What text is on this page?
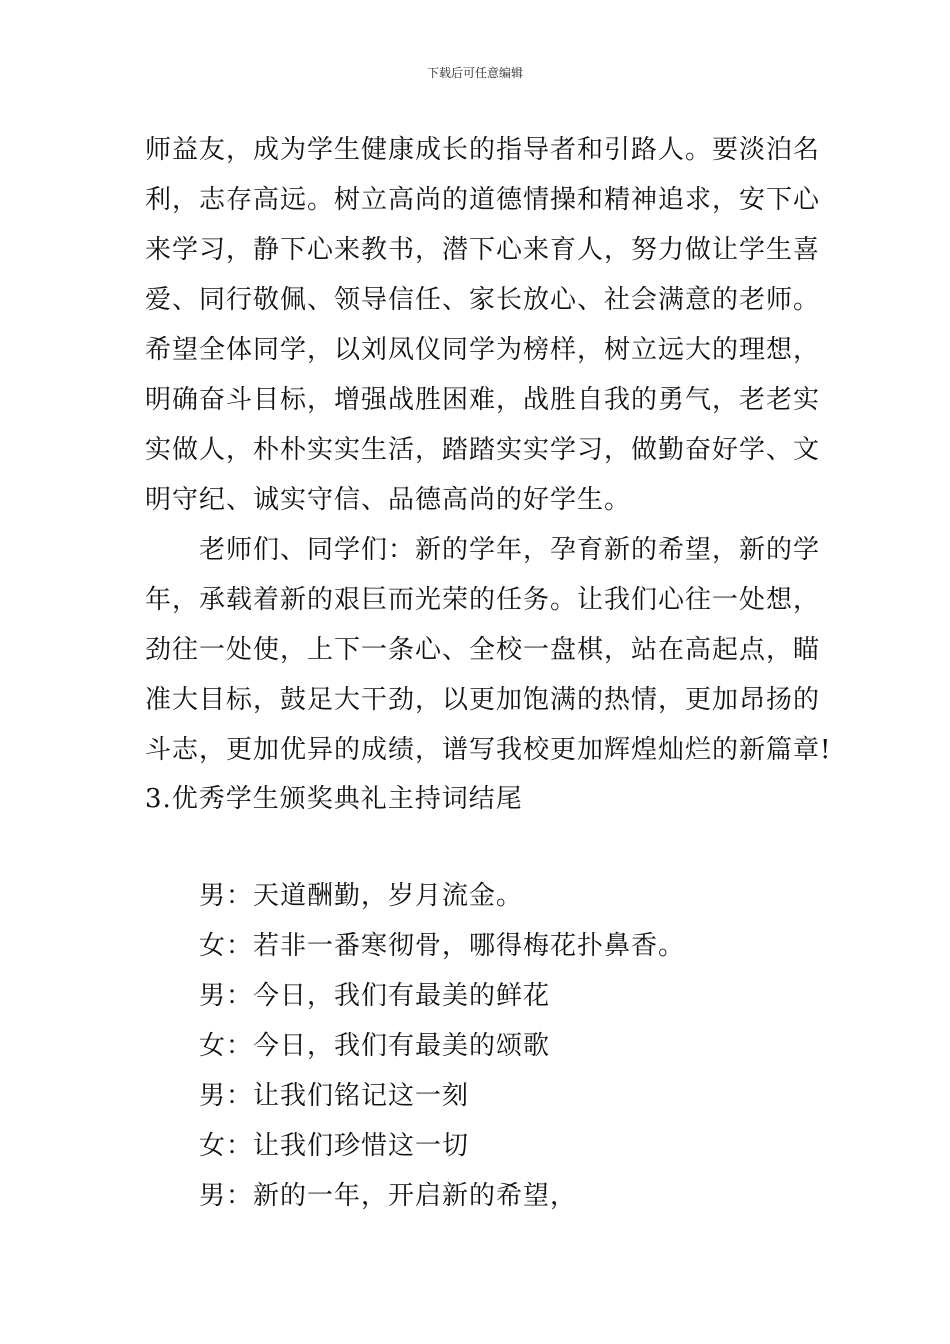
下载后可任意编辑
师益友，成为学生健康成长的指导者和引路人。要淡泊名
利，志存高远。树立高尚的道德情操和精神追求，安下心
来学习，静下心来教书，潜下心来育人，努力做让学生喜
爱、同行敬佩、领导信任、家长放心、社会满意的老师。
希望全体同学，以刘凤仪同学为榜样，树立远大的理想，
明确奋斗目标，增强战胜困难，战胜自我的勇气，老老实
实做人，朴朴实实生活，踏踏实实学习，做勤奋好学、文
明守纪、诚实守信、品德高尚的好学生。
老师们、同学们：新的学年，孕育新的希望，新的学
年，承载着新的艰巨而光荣的任务。让我们心往一处想，
劲往一处使，上下一条心、全校一盘棋，站在高起点，瞄
准大目标，鼓足大干劲，以更加饱满的热情，更加昂扬的
斗志，更加优异的成绩，谱写我校更加辉煌灿烂的新篇章!
3.优秀学生颁奖典礼主持词结尾
男：天道酬勤，岁月流金。
女：若非一番寒彻骨，哪得梅花扑鼻香。
男：今日，我们有最美的鲜花
女：今日，我们有最美的颂歌
男：让我们铭记这一刻
女：让我们珍惜这一切
男：新的一年，开启新的希望，
